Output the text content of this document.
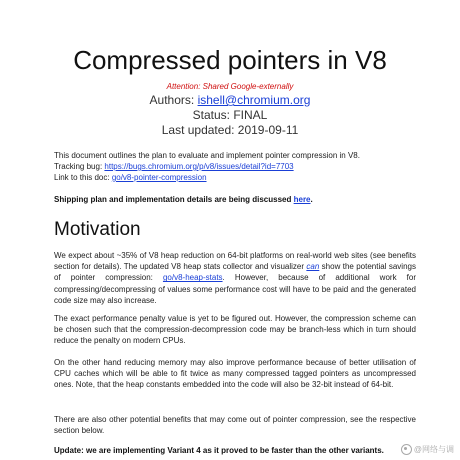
Compressed pointers in V8
Attention: Shared Google-externally
Authors: ishell@chromium.org
Status: FINAL
Last updated: 2019-09-11
This document outlines the plan to evaluate and implement pointer compression in V8.
Tracking bug: https://bugs.chromium.org/p/v8/issues/detail?id=7703
Link to this doc: go/v8-pointer-compression
Shipping plan and implementation details are being discussed here.
Motivation
We expect about ~35% of V8 heap reduction on 64-bit platforms on real-world web sites (see benefits section for details). The updated V8 heap stats collector and visualizer can show the potential savings of pointer compression: go/v8-heap-stats. However, because of additional work for compressing/decompressing of values some performance cost will have to be paid and the generated code size may also increase.
The exact performance penalty value is yet to be figured out. However, the compression scheme can be chosen such that the compression-decompression code may be branch-less which in turn should reduce the penalty on modern CPUs.
On the other hand reducing memory may also improve performance because of better utilisation of CPU caches which will be able to fit twice as many compressed tagged pointers as uncompressed ones. Note, that the heap constants embedded into the code will also be 32-bit instead of 64-bit.
There are also other potential benefits that may come out of pointer compression, see the respective section below.
Update: we are implementing Variant 4 as it proved to be faster than the other variants.	@网络与调
